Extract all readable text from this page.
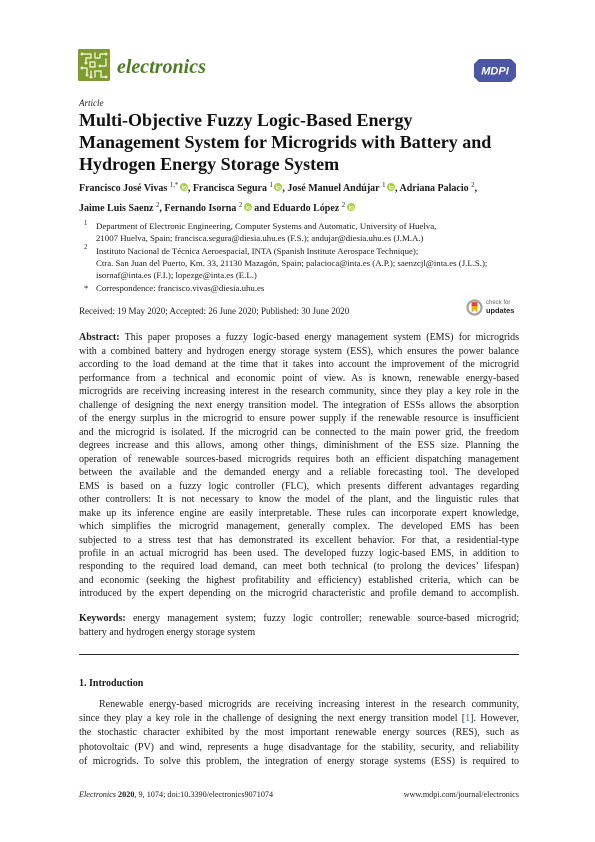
electronics	MDPI
Article
Multi-Objective Fuzzy Logic-Based Energy
Management System for Microgrids with Battery and
Hydrogen Energy Storage System
Francisco José Vivas $^{1,*}$ , Francisca Segura $^1$ , José Manuel Andújar $^1$ , Adriana Palacio $^2$,
Jaime Luis Saenz $^2$, Fernando Isorna $^2$
and Eduardo López $^2$
1 Department of Electronic Engineering, Computer Systems and Automatic, University of Huelva,
21007 Huelva, Spain; francisca.segura@diesia.uhu.es (F.S.); andujar@diesia.uhu.es (J.M.A.)
2 Instituto Nacional de Técnica Aeroespacial, INTA (Spanish Institute Aerospace Technique);
Ctra. San Juan del Puerto, Km. 33, 21130 Mazagón, Spain; palacioca@inta.es (A.P.); saenzcjl@inta.es (J.L.S.);
isornaf@inta.es (F.I.); lopezge@inta.es (E.L.)
* Correspondence: francisco.vivas@diesia.uhu.es
Received: 19 May 2020; Accepted: 26 June 2020; Published: 30 June 2020
check for
updates
Abstract: This paper proposes a fuzzy logic-based energy management system (EMS) for microgrids
with a combined battery and hydrogen energy storage system (ESS), which ensures the power balance
according to the load demand at the time that it takes into account the improvement of the microgrid
performance from a technical and economic point of view. As is known, renewable energy-based
microgrids are receiving increasing interest in the research community, since they play a key role in the
challenge of designing the next energy transition model. The integration of ESSs allows the absorption
of the energy surplus in the microgrid to ensure power supply if the renewable resource is insufficient
and the microgrid is isolated. If the microgrid can be connected to the main power grid, the freedom
degrees increase and this allows, among other things, diminishment of the ESS size. Planning the
operation of renewable sources-based microgrids requires both an efficient dispatching management
between the available and the demanded energy and a reliable forecasting tool. The developed
EMS is based on a fuzzy logic controller (FLC), which presents different advantages regarding
other controllers: It is not necessary to know the model of the plant, and the linguistic rules that
make up its inference engine are easily interpretable. These rules can incorporate expert knowledge,
which simplifies the microgrid management, generally complex. The developed EMS has been
subjected to a stress test that has demonstrated its excellent behavior. For that, a residential-type
profile in an actual microgrid has been used. The developed fuzzy logic-based EMS, in addition to
responding to the required load demand, can meet both technical (to prolong the devices’ lifespan)
and economic (seeking the highest profitability and efficiency) established criteria, which can be
introduced by the expert depending on the microgrid characteristic and profile demand to accomplish.
Keywords: energy management system; fuzzy logic controller; renewable source-based microgrid;
battery and hydrogen energy storage system
1. Introduction
Renewable energy-based microgrids are receiving increasing interest in the research community,
since they play a key role in the challenge of designing the next energy transition model [1]. However,
the stochastic character exhibited by the most important renewable energy sources (RES), such as
photovoltaic (PV) and wind, represents a huge disadvantage for the stability, security, and reliability
of microgrids. To solve this problem, the integration of energy storage systems (ESS) is required to
Electronics 2020, 9, 1074; doi:10.3390/electronics9071074	www.mdpi.com/journal/electronics
